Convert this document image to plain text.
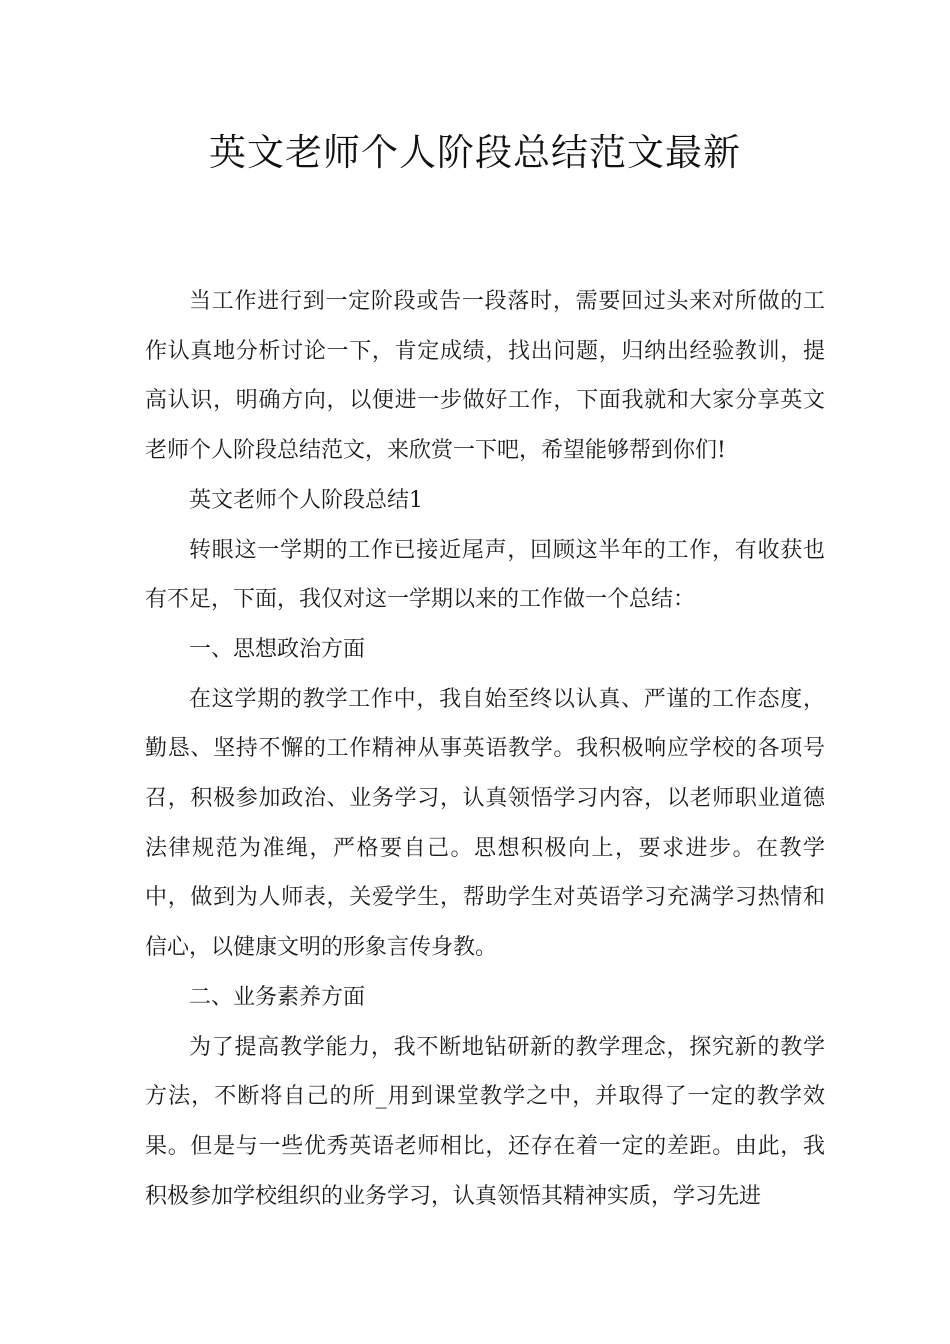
英文老师个人阶段总结范文最新

当工作进行到一定阶段或告一段落时，需要回过头来对所做的工作认真地分析讨论一下，肯定成绩，找出问题，归纳出经验教训，提高认识，明确方向，以便进一步做好工作，下面我就和大家分享英文老师个人阶段总结范文，来欣赏一下吧，希望能够帮到你们!

英文老师个人阶段总结1

转眼这一学期的工作已接近尾声，回顾这半年的工作，有收获也有不足，下面，我仅对这一学期以来的工作做一个总结：

一、思想政治方面

在这学期的教学工作中，我自始至终以认真、严谨的工作态度，勤恳、坚持不懈的工作精神从事英语教学。我积极响应学校的各项号召，积极参加政治、业务学习，认真领悟学习内容，以老师职业道德法律规范为准绳，严格要自己。思想积极向上，要求进步。在教学中，做到为人师表，关爱学生，帮助学生对英语学习充满学习热情和信心，以健康文明的形象言传身教。

二、业务素养方面

为了提高教学能力，我不断地钻研新的教学理念，探究新的教学方法，不断将自己的所_用到课堂教学之中，并取得了一定的教学效果。但是与一些优秀英语老师相比，还存在着一定的差距。由此，我积极参加学校组织的业务学习，认真领悟其精神实质，学习先进
